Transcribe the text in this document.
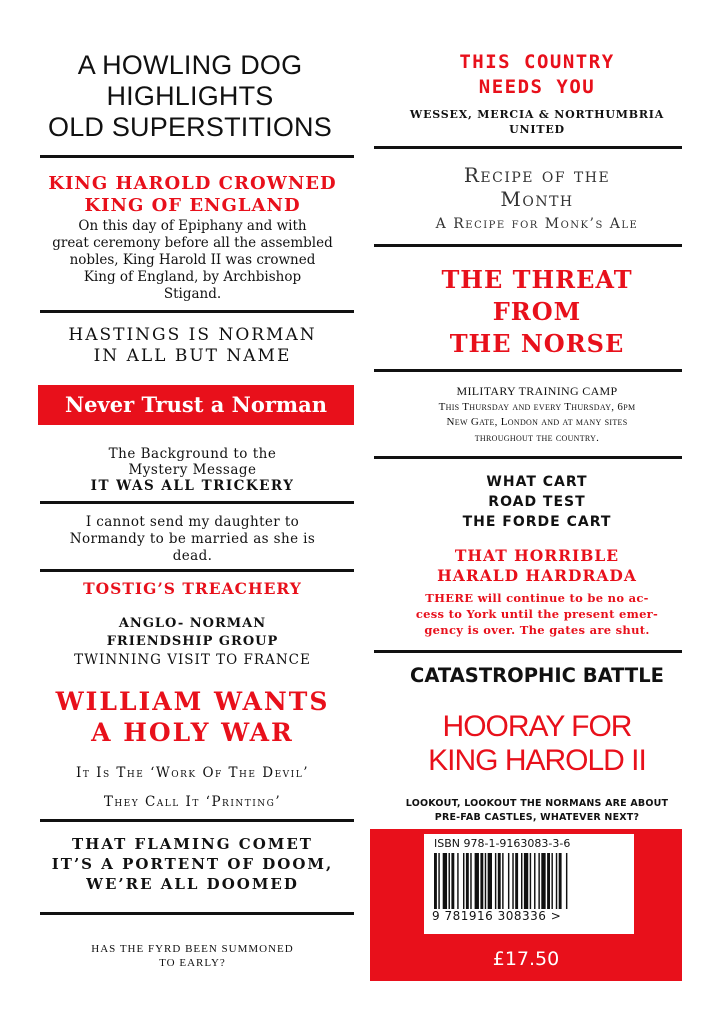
A HOWLING DOG
HIGHLIGHTS
OLD SUPERSTITIONS
KING HAROLD CROWNED
KING OF ENGLAND
On this day of Epiphany and with
great ceremony before all the assembled
nobles, King Harold II was crowned
King of England, by Archbishop
Stigand.
HASTINGS IS NORMAN
IN ALL BUT NAME
Never Trust a Norman
The Background to the
Mystery Message
IT WAS ALL TRICKERY
I cannot send my daughter to
Normandy to be married as she is
dead.
TOSTIG’S TREACHERY
ANGLO- NORMAN
FRIENDSHIP GROUP
TWINNING VISIT TO FRANCE
WILLIAM WANTS
A HOLY WAR
It Is The ‘Work Of The Devil’
They Call It ‘Printing’
THAT FLAMING COMET
IT’S A PORTENT OF DOOM,
WE’RE ALL DOOMED
HAS THE FYRD BEEN SUMMONED
TO EARLY?
THIS COUNTRY
NEEDS YOU
WESSEX, MERCIA & NORTHUMBRIA
UNITED
Recipe of the
Month
A Recipe for Monk’s Ale
THE THREAT
FROM
THE NORSE
MILITARY TRAINING CAMP
This Thursday and every Thursday, 6pm
New Gate, London and at many sites
throughout the country.
WHAT CART
ROAD TEST
THE FORDE CART
THAT HORRIBLE
HARALD HARDRADA
THERE will continue to be no ac-
cess to York until the present emer-
gency is over. The gates are shut.
CATASTROPHIC BATTLE
HOORAY FOR
KING HAROLD II
LOOKOUT, LOOKOUT THE NORMANS ARE ABOUT
PRE-FAB CASTLES, WHATEVER NEXT?
ISBN 978-1-9163083-3-6
9 781916 308336 >
£17.50
